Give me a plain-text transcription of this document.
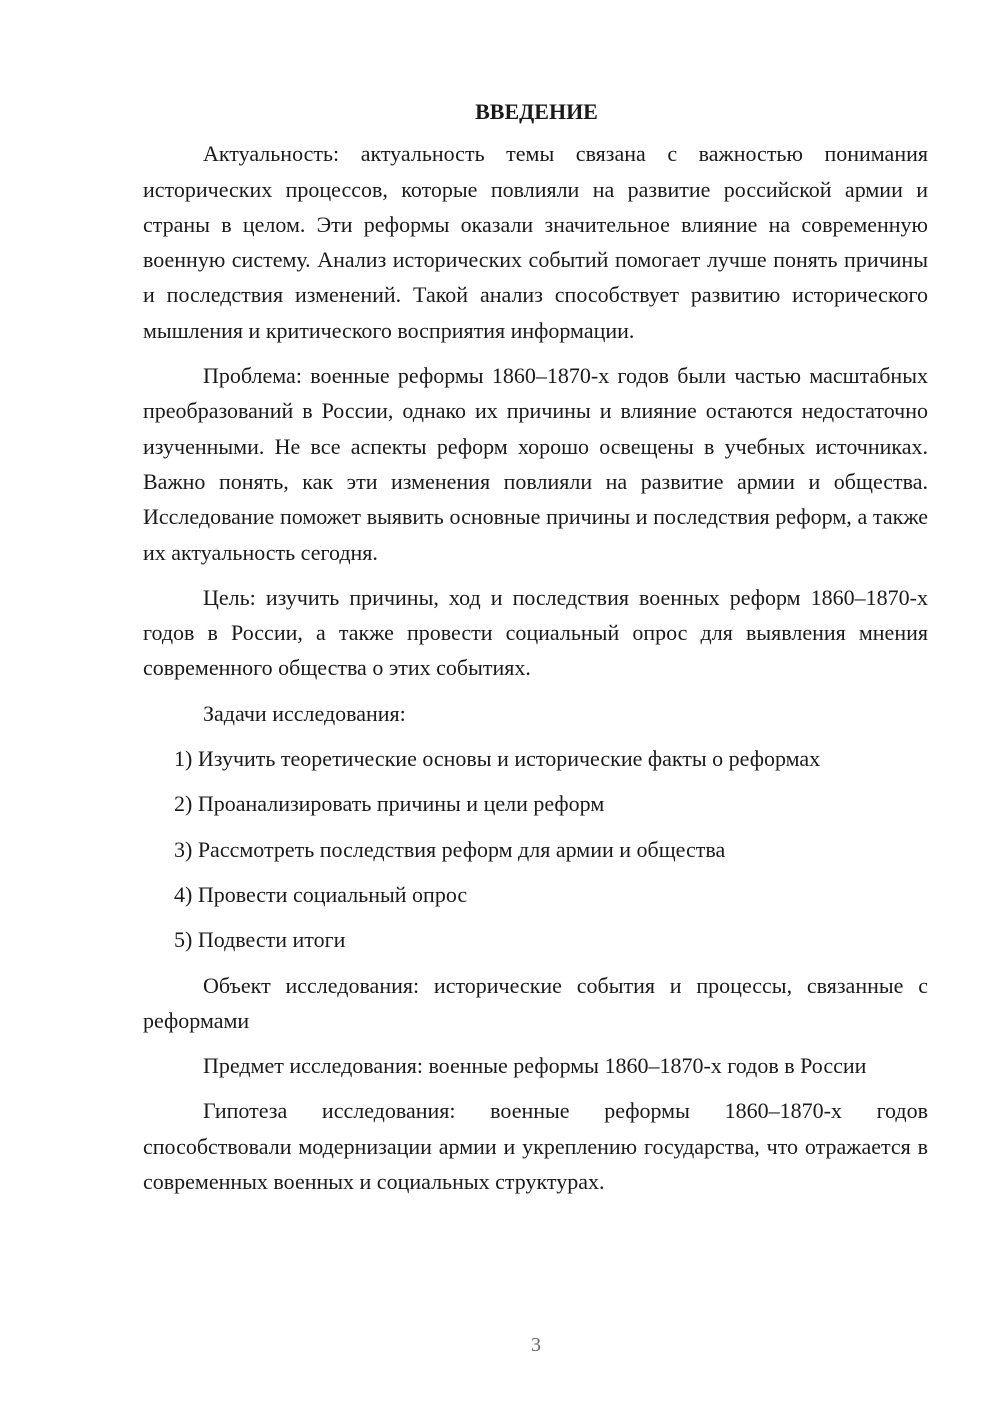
ВВЕДЕНИЕ

Актуальность: актуальность темы связана с важностью понимания исторических процессов, которые повлияли на развитие российской армии и страны в целом. Эти реформы оказали значительное влияние на современную военную систему. Анализ исторических событий помогает лучше понять причины и последствия изменений. Такой анализ способствует развитию исторического мышления и критического восприятия информации.

Проблема: военные реформы 1860–1870-х годов были частью масштабных преобразований в России, однако их причины и влияние остаются недостаточно изученными. Не все аспекты реформ хорошо освещены в учебных источниках. Важно понять, как эти изменения повлияли на развитие армии и общества. Исследование поможет выявить основные причины и последствия реформ, а также их актуальность сегодня.

Цель: изучить причины, ход и последствия военных реформ 1860–1870-х годов в России, а также провести социальный опрос для выявления мнения современного общества о этих событиях.

Задачи исследования:

1) Изучить теоретические основы и исторические факты о реформах

2) Проанализировать причины и цели реформ

3) Рассмотреть последствия реформ для армии и общества

4) Провести социальный опрос

5) Подвести итоги

Объект исследования: исторические события и процессы, связанные с реформами

Предмет исследования: военные реформы 1860–1870-х годов в России

Гипотеза исследования: военные реформы 1860–1870-х годов способствовали модернизации армии и укреплению государства, что отражается в современных военных и социальных структурах.

3
